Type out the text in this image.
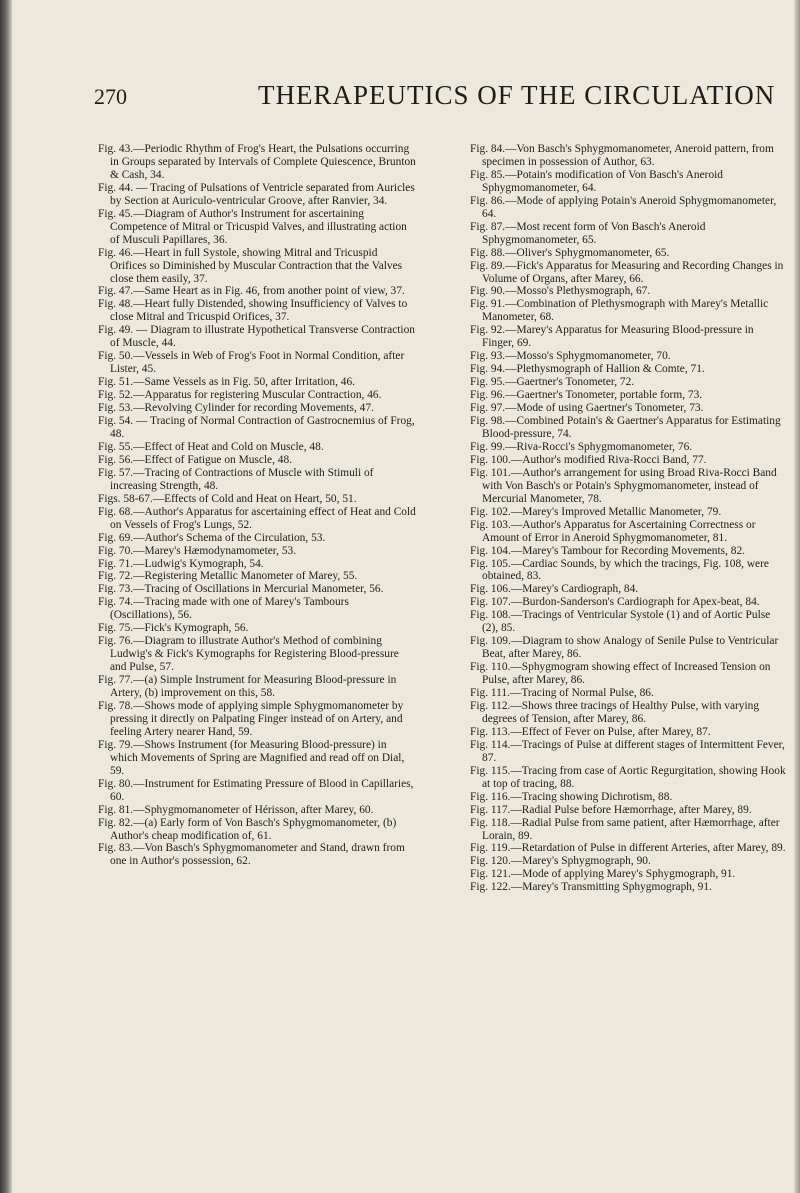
270	THERAPEUTICS OF THE CIRCULATION

Fig. 43.—Periodic Rhythm of Frog's Heart, the Pulsations occurring in Groups separated by Intervals of Complete Quiescence, Brunton & Cash, 34.

Fig. 44. — Tracing of Pulsations of Ventricle separated from Auricles by Section at Auriculo-ventricular Groove, after Ranvier, 34.

Fig. 45.—Diagram of Author's Instrument for ascertaining Competence of Mitral or Tricuspid Valves, and illustrating action of Musculi Papillares, 36.

Fig. 46.—Heart in full Systole, showing Mitral and Tricuspid Orifices so Diminished by Muscular Contraction that the Valves close them easily, 37.

Fig. 47.—Same Heart as in Fig. 46, from another point of view, 37.

Fig. 48.—Heart fully Distended, showing Insufficiency of Valves to close Mitral and Tricuspid Orifices, 37.

Fig. 49. — Diagram to illustrate Hypothetical Transverse Contraction of Muscle, 44.

Fig. 50.—Vessels in Web of Frog's Foot in Normal Condition, after Lister, 45.

Fig. 51.—Same Vessels as in Fig. 50, after Irritation, 46.

Fig. 52.—Apparatus for registering Muscular Contraction, 46.

Fig. 53.—Revolving Cylinder for recording Movements, 47.

Fig. 54. — Tracing of Normal Contraction of Gastrocnemius of Frog, 48.

Fig. 55.—Effect of Heat and Cold on Muscle, 48.

Fig. 56.—Effect of Fatigue on Muscle, 48.

Fig. 57.—Tracing of Contractions of Muscle with Stimuli of increasing Strength, 48.

Figs. 58-67.—Effects of Cold and Heat on Heart, 50, 51.

Fig. 68.—Author's Apparatus for ascertaining effect of Heat and Cold on Vessels of Frog's Lungs, 52.

Fig. 69.—Author's Schema of the Circulation, 53.

Fig. 70.—Marey's Hæmodynamometer, 53.

Fig. 71.—Ludwig's Kymograph, 54.

Fig. 72.—Registering Metallic Manometer of Marey, 55.

Fig. 73.—Tracing of Oscillations in Mercurial Manometer, 56.

Fig. 74.—Tracing made with one of Marey's Tambours (Oscillations), 56.

Fig. 75.—Fick's Kymograph, 56.

Fig. 76.—Diagram to illustrate Author's Method of combining Ludwig's & Fick's Kymographs for Registering Blood-pressure and Pulse, 57.

Fig. 77.—(a) Simple Instrument for Measuring Blood-pressure in Artery, (b) improvement on this, 58.

Fig. 78.—Shows mode of applying simple Sphygmomanometer by pressing it directly on Palpating Finger instead of on Artery, and feeling Artery nearer Hand, 59.

Fig. 79.—Shows Instrument (for Measuring Blood-pressure) in which Movements of Spring are Magnified and read off on Dial, 59.

Fig. 80.—Instrument for Estimating Pressure of Blood in Capillaries, 60.

Fig. 81.—Sphygmomanometer of Hérisson, after Marey, 60.

Fig. 82.—(a) Early form of Von Basch's Sphygmomanometer, (b) Author's cheap modification of, 61.

Fig. 83.—Von Basch's Sphygmomanometer and Stand, drawn from one in Author's possession, 62.

Fig. 84.—Von Basch's Sphygmomanometer, Aneroid pattern, from specimen in possession of Author, 63.

Fig. 85.—Potain's modification of Von Basch's Aneroid Sphygmomanometer, 64.

Fig. 86.—Mode of applying Potain's Aneroid Sphygmomanometer, 64.

Fig. 87.—Most recent form of Von Basch's Aneroid Sphygmomanometer, 65.

Fig. 88.—Oliver's Sphygmomanometer, 65.

Fig. 89.—Fick's Apparatus for Measuring and Recording Changes in Volume of Organs, after Marey, 66.

Fig. 90.—Mosso's Plethysmograph, 67.

Fig. 91.—Combination of Plethysmograph with Marey's Metallic Manometer, 68.

Fig. 92.—Marey's Apparatus for Measuring Blood-pressure in Finger, 69.

Fig. 93.—Mosso's Sphygmomanometer, 70.

Fig. 94.—Plethysmograph of Hallion & Comte, 71.

Fig. 95.—Gaertner's Tonometer, 72.

Fig. 96.—Gaertner's Tonometer, portable form, 73.

Fig. 97.—Mode of using Gaertner's Tonometer, 73.

Fig. 98.—Combined Potain's & Gaertner's Apparatus for Estimating Blood-pressure, 74.

Fig. 99.—Riva-Rocci's Sphygmomanometer, 76.

Fig. 100.—Author's modified Riva-Rocci Band, 77.

Fig. 101.—Author's arrangement for using Broad Riva-Rocci Band with Von Basch's or Potain's Sphygmomanometer, instead of Mercurial Manometer, 78.

Fig. 102.—Marey's Improved Metallic Manometer, 79.

Fig. 103.—Author's Apparatus for Ascertaining Correctness or Amount of Error in Aneroid Sphygmomanometer, 81.

Fig. 104.—Marey's Tambour for Recording Movements, 82.

Fig. 105.—Cardiac Sounds, by which the tracings, Fig. 108, were obtained, 83.

Fig. 106.—Marey's Cardiograph, 84.

Fig. 107.—Burdon-Sanderson's Cardiograph for Apex-beat, 84.

Fig. 108.—Tracings of Ventricular Systole (1) and of Aortic Pulse (2), 85.

Fig. 109.—Diagram to show Analogy of Senile Pulse to Ventricular Beat, after Marey, 86.

Fig. 110.—Sphygmogram showing effect of Increased Tension on Pulse, after Marey, 86.

Fig. 111.—Tracing of Normal Pulse, 86.

Fig. 112.—Shows three tracings of Healthy Pulse, with varying degrees of Tension, after Marey, 86.

Fig. 113.—Effect of Fever on Pulse, after Marey, 87.

Fig. 114.—Tracings of Pulse at different stages of Intermittent Fever, 87.

Fig. 115.—Tracing from case of Aortic Regurgitation, showing Hook at top of tracing, 88.

Fig. 116.—Tracing showing Dichrotism, 88.

Fig. 117.—Radial Pulse before Hæmorrhage, after Marey, 89.

Fig. 118.—Radial Pulse from same patient, after Hæmorrhage, after Lorain, 89.

Fig. 119.—Retardation of Pulse in different Arteries, after Marey, 89.

Fig. 120.—Marey's Sphygmograph, 90.

Fig. 121.—Mode of applying Marey's Sphygmograph, 91.

Fig. 122.—Marey's Transmitting Sphygmograph, 91.
